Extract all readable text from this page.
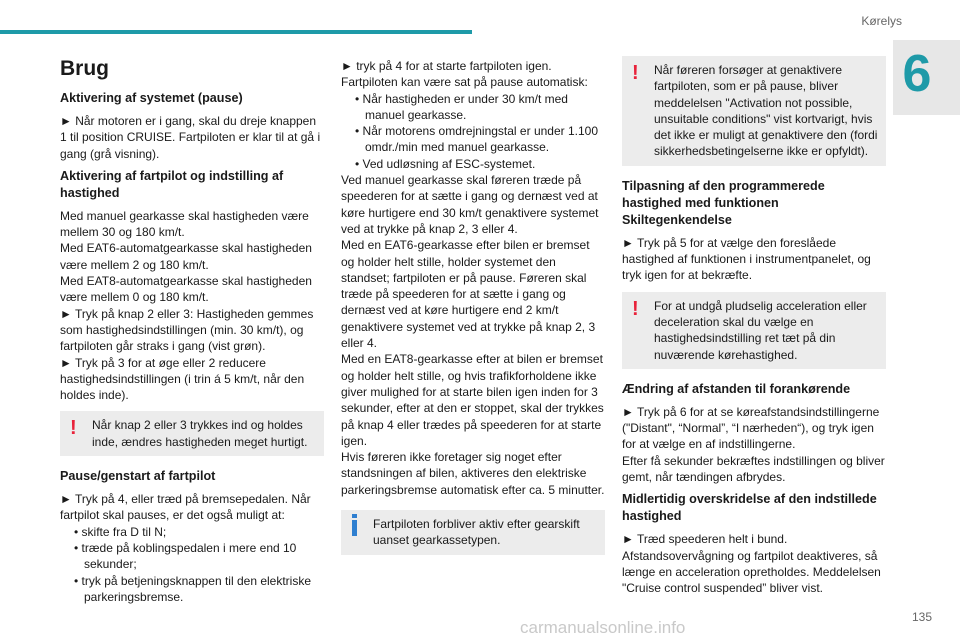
Kørelys
6
Brug
Aktivering af systemet (pause)

► Når motoren er i gang, skal du dreje knappen 1 til position CRUISE. Fartpiloten er klar til at gå i gang (grå visning).

Aktivering af fartpilot og indstilling af hastighed

Med manuel gearkasse skal hastigheden være mellem 30 og 180 km/t.

Med EAT6-automatgearkasse skal hastigheden være mellem 2 og 180 km/t.

Med EAT8-automatgearkasse skal hastigheden være mellem 0 og 180 km/t.

► Tryk på knap 2 eller 3: Hastigheden gemmes som hastighedsindstillingen (min. 30 km/t), og fartpiloten går straks i gang (vist grøn).

► Tryk på 3 for at øge eller 2 reducere hastighedsindstillingen (i trin á 5 km/t, når den holdes inde).

! Når knap 2 eller 3 trykkes ind og holdes inde, ændres hastigheden meget hurtigt.
Pause/genstart af fartpilot

► Tryk på 4, eller træd på bremsepedalen. Når fartpilot skal pauses, er det også muligt at:

• skifte fra D til N;
• træde på koblingspedalen i mere end 10 sekunder;
• tryk på betjeningsknappen til den elektriske parkeringsbremse.

► tryk på 4 for at starte fartpiloten igen.

Fartpiloten kan være sat på pause automatisk:

• Når hastigheden er under 30 km/t med manuel gearkasse.
• Når motorens omdrejningstal er under 1.100 omdr./min med manuel gearkasse.
• Ved udløsning af ESC-systemet.

Ved manuel gearkasse skal føreren træde på speederen for at sætte i gang og dernæst ved at køre hurtigere end 30 km/t genaktivere systemet ved at trykke på knap 2, 3 eller 4.

Med en EAT6-gearkasse efter bilen er bremset og holder helt stille, holder systemet den standset; fartpiloten er på pause. Føreren skal træde på speederen for at sætte i gang og dernæst ved at køre hurtigere end 2 km/t genaktivere systemet ved at trykke på knap 2, 3 eller 4.

Med en EAT8-gearkasse efter at bilen er bremset og holder helt stille, og hvis trafikforholdene ikke giver mulighed for at starte bilen igen inden for 3 sekunder, efter at den er stoppet, skal der trykkes på knap 4 eller trædes på speederen for at starte igen.

Hvis føreren ikke foretager sig noget efter standsningen af bilen, aktiveres den elektriske parkeringsbremse automatisk efter ca. 5 minutter.

Fartpiloten forbliver aktiv efter gearskift uanset gearkassetypen.
! Når føreren forsøger at genaktivere fartpiloten, som er på pause, bliver meddelelsen "Activation not possible, unsuitable conditions" vist kortvarigt, hvis det ikke er muligt at genaktivere den (fordi sikkerhedsbetingelserne ikke er opfyldt).
Tilpasning af den programmerede hastighed med funktionen Skiltegenkendelse

► Tryk på 5 for at vælge den foreslåede hastighed af funktionen i instrumentpanelet, og tryk igen for at bekræfte.

! For at undgå pludselig acceleration eller deceleration skal du vælge en hastighedsindstilling ret tæt på din nuværende kørehastighed.
Ændring af afstanden til forankørende

► Tryk på 6 for at se køreafstandsindstillingerne ("Distant", “Normal”, “I nærheden“), og tryk igen for at vælge en af indstillingerne.

Efter få sekunder bekræftes indstillingen og bliver gemt, når tændingen afbrydes.

Midlertidig overskridelse af den indstillede hastighed

► Træd speederen helt i bund.

Afstandsovervågning og fartpilot deaktiveres, så længe en acceleration opretholdes. Meddelelsen "Cruise control suspended” bliver vist.

135
carmanualsonline.info
